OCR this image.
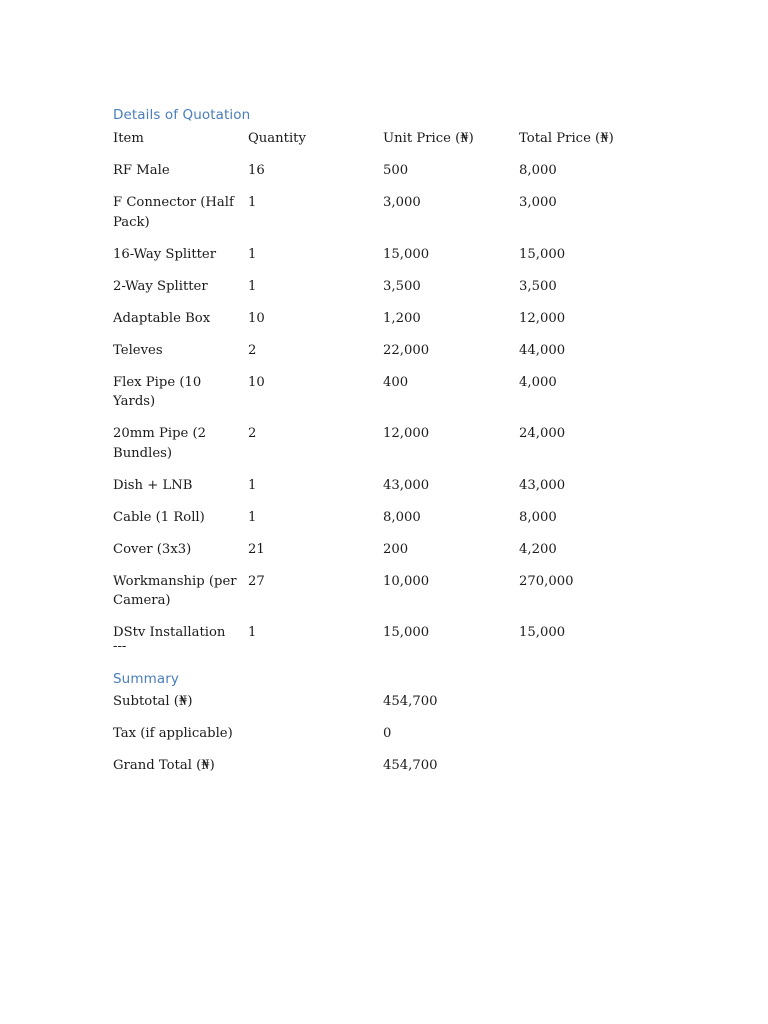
Details of Quotation
Item	Quantity	Unit Price (₦)	Total Price (₦)
RF Male	16	500	8,000
F Connector (Half Pack)	1	3,000	3,000
16-Way Splitter	1	15,000	15,000
2-Way Splitter	1	3,500	3,500
Adaptable Box	10	1,200	12,000
Televes	2	22,000	44,000
Flex Pipe (10 Yards)	10	400	4,000
20mm Pipe (2 Bundles)	2	12,000	24,000
Dish + LNB	1	43,000	43,000
Cable (1 Roll)	1	8,000	8,000
Cover (3x3)	21	200	4,200
Workmanship (per Camera)	27	10,000	270,000
DStv Installation	1	15,000	15,000
---
Summary
Subtotal (₦)	454,700
Tax (if applicable)	0
Grand Total (₦)	454,700
